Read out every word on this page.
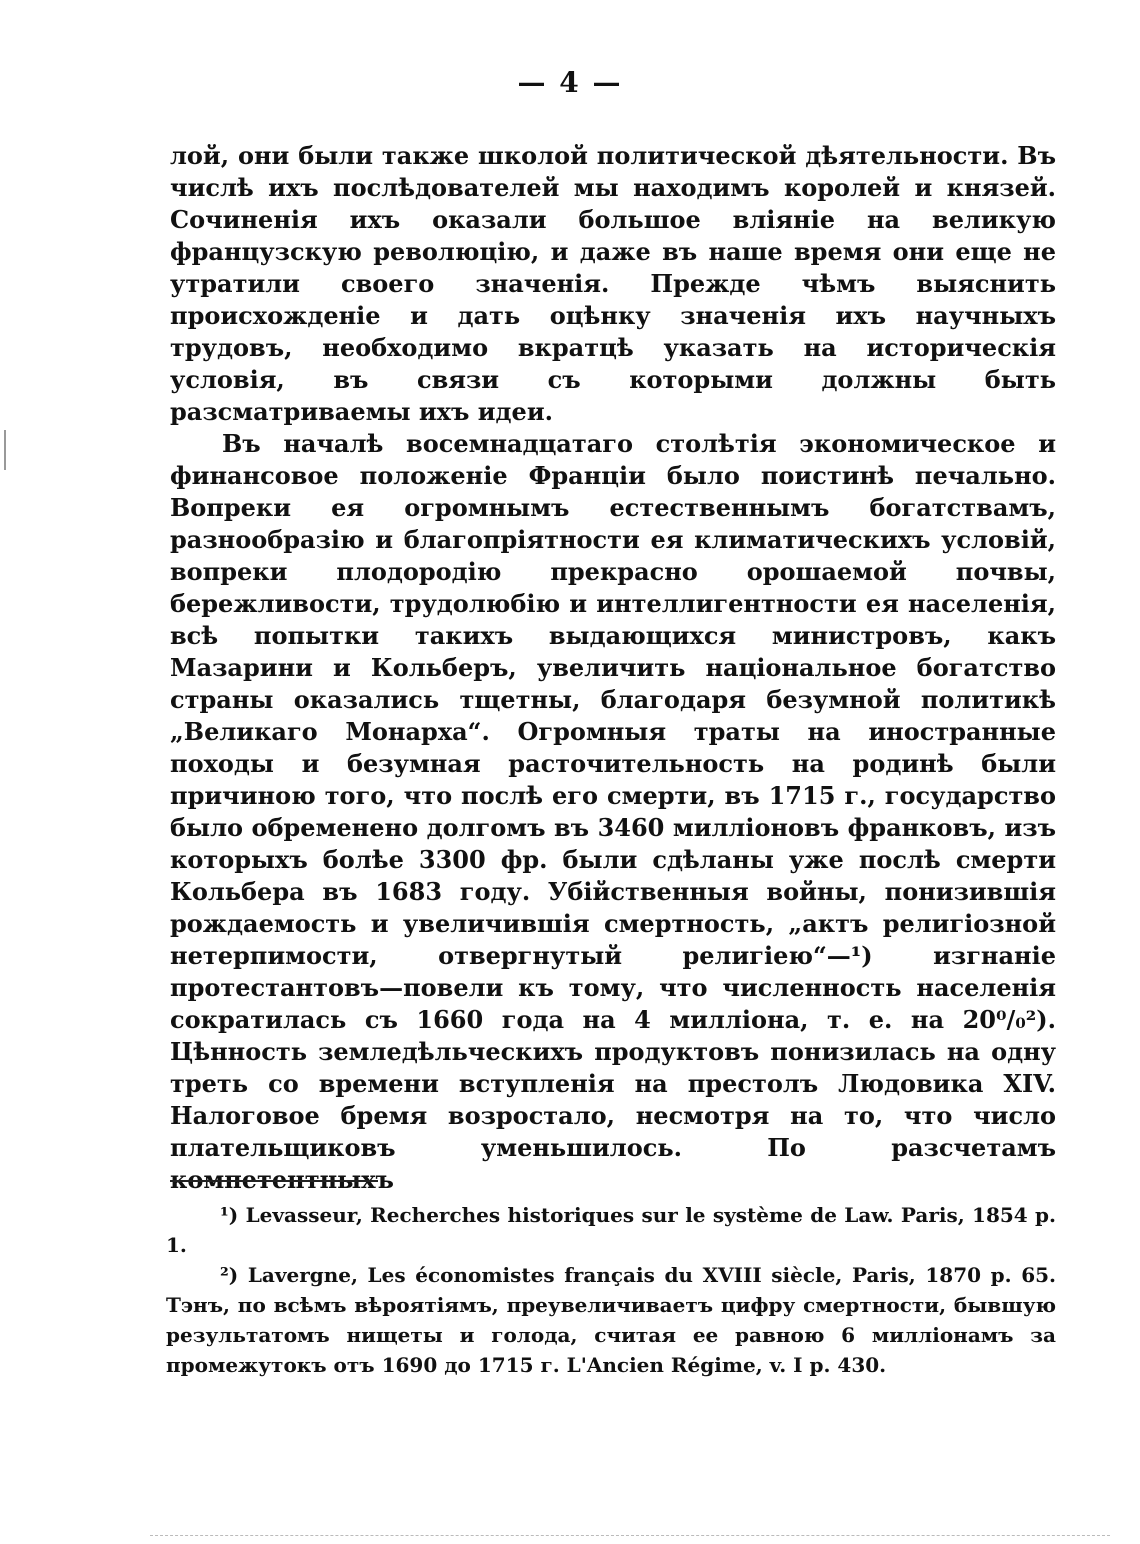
— 4 —

лой, они были также школой политической дѣятельности. Въ числѣ ихъ послѣдователей мы находимъ королей и князей. Сочиненія ихъ оказали большое вліяніе на великую французскую революцію, и даже въ наше время они еще не утратили своего значенія. Прежде чѣмъ выяснить происхожденіе и дать оцѣнку значенія ихъ научныхъ трудовъ, необходимо вкратцѣ указать на историческія условія, въ связи съ которыми должны быть разсматриваемы ихъ идеи.

Въ началѣ восемнадцатаго столѣтія экономическое и финансовое положеніе Франціи было поистинѣ печально. Вопреки ея огромнымъ естественнымъ богатствамъ, разнообразію и благопріятности ея климатическихъ условій, вопреки плодородію прекрасно орошаемой почвы, бережливости, трудолюбію и интеллигентности ея населенія, всѣ попытки такихъ выдающихся министровъ, какъ Мазарини и Кольберъ, увеличить національное богатство страны оказались тщетны, благодаря безумной политикѣ „Великаго Монарха“. Огромныя траты на иностранные походы и безумная расточительность на родинѣ были причиною того, что послѣ его смерти, въ 1715 г., государство было обременено долгомъ въ 3460 милліоновъ франковъ, изъ которыхъ болѣе 3300 фр. были сдѣланы уже послѣ смерти Кольбера въ 1683 году. Убійственныя войны, понизившія рождаемость и увеличившія смертность, „актъ религіозной нетерпимости, отвергнутый религіею“—¹) изгнаніе протестантовъ—повели къ тому, что численность населенія сократилась съ 1660 года на 4 милліона, т. е. на 20⁰/₀²). Цѣнность земледѣльческихъ продуктовъ понизилась на одну треть со времени вступленія на престолъ Людовика XIV. Налоговое бремя возростало, несмотря на то, что число плательщиковъ уменьшилось. По разсчетамъ компетентныхъ

¹) Levasseur, Recherches historiques sur le système de Law. Paris, 1854 p. 1.

²) Lavergne, Les économistes français du XVIII siècle, Paris, 1870 p. 65. Тэнъ, по всѣмъ вѣроятіямъ, преувеличиваетъ цифру смертности, бывшую результатомъ нищеты и голода, считая ее равною 6 милліонамъ за промежутокъ отъ 1690 до 1715 г. L'Ancien Régime, v. I p. 430.
